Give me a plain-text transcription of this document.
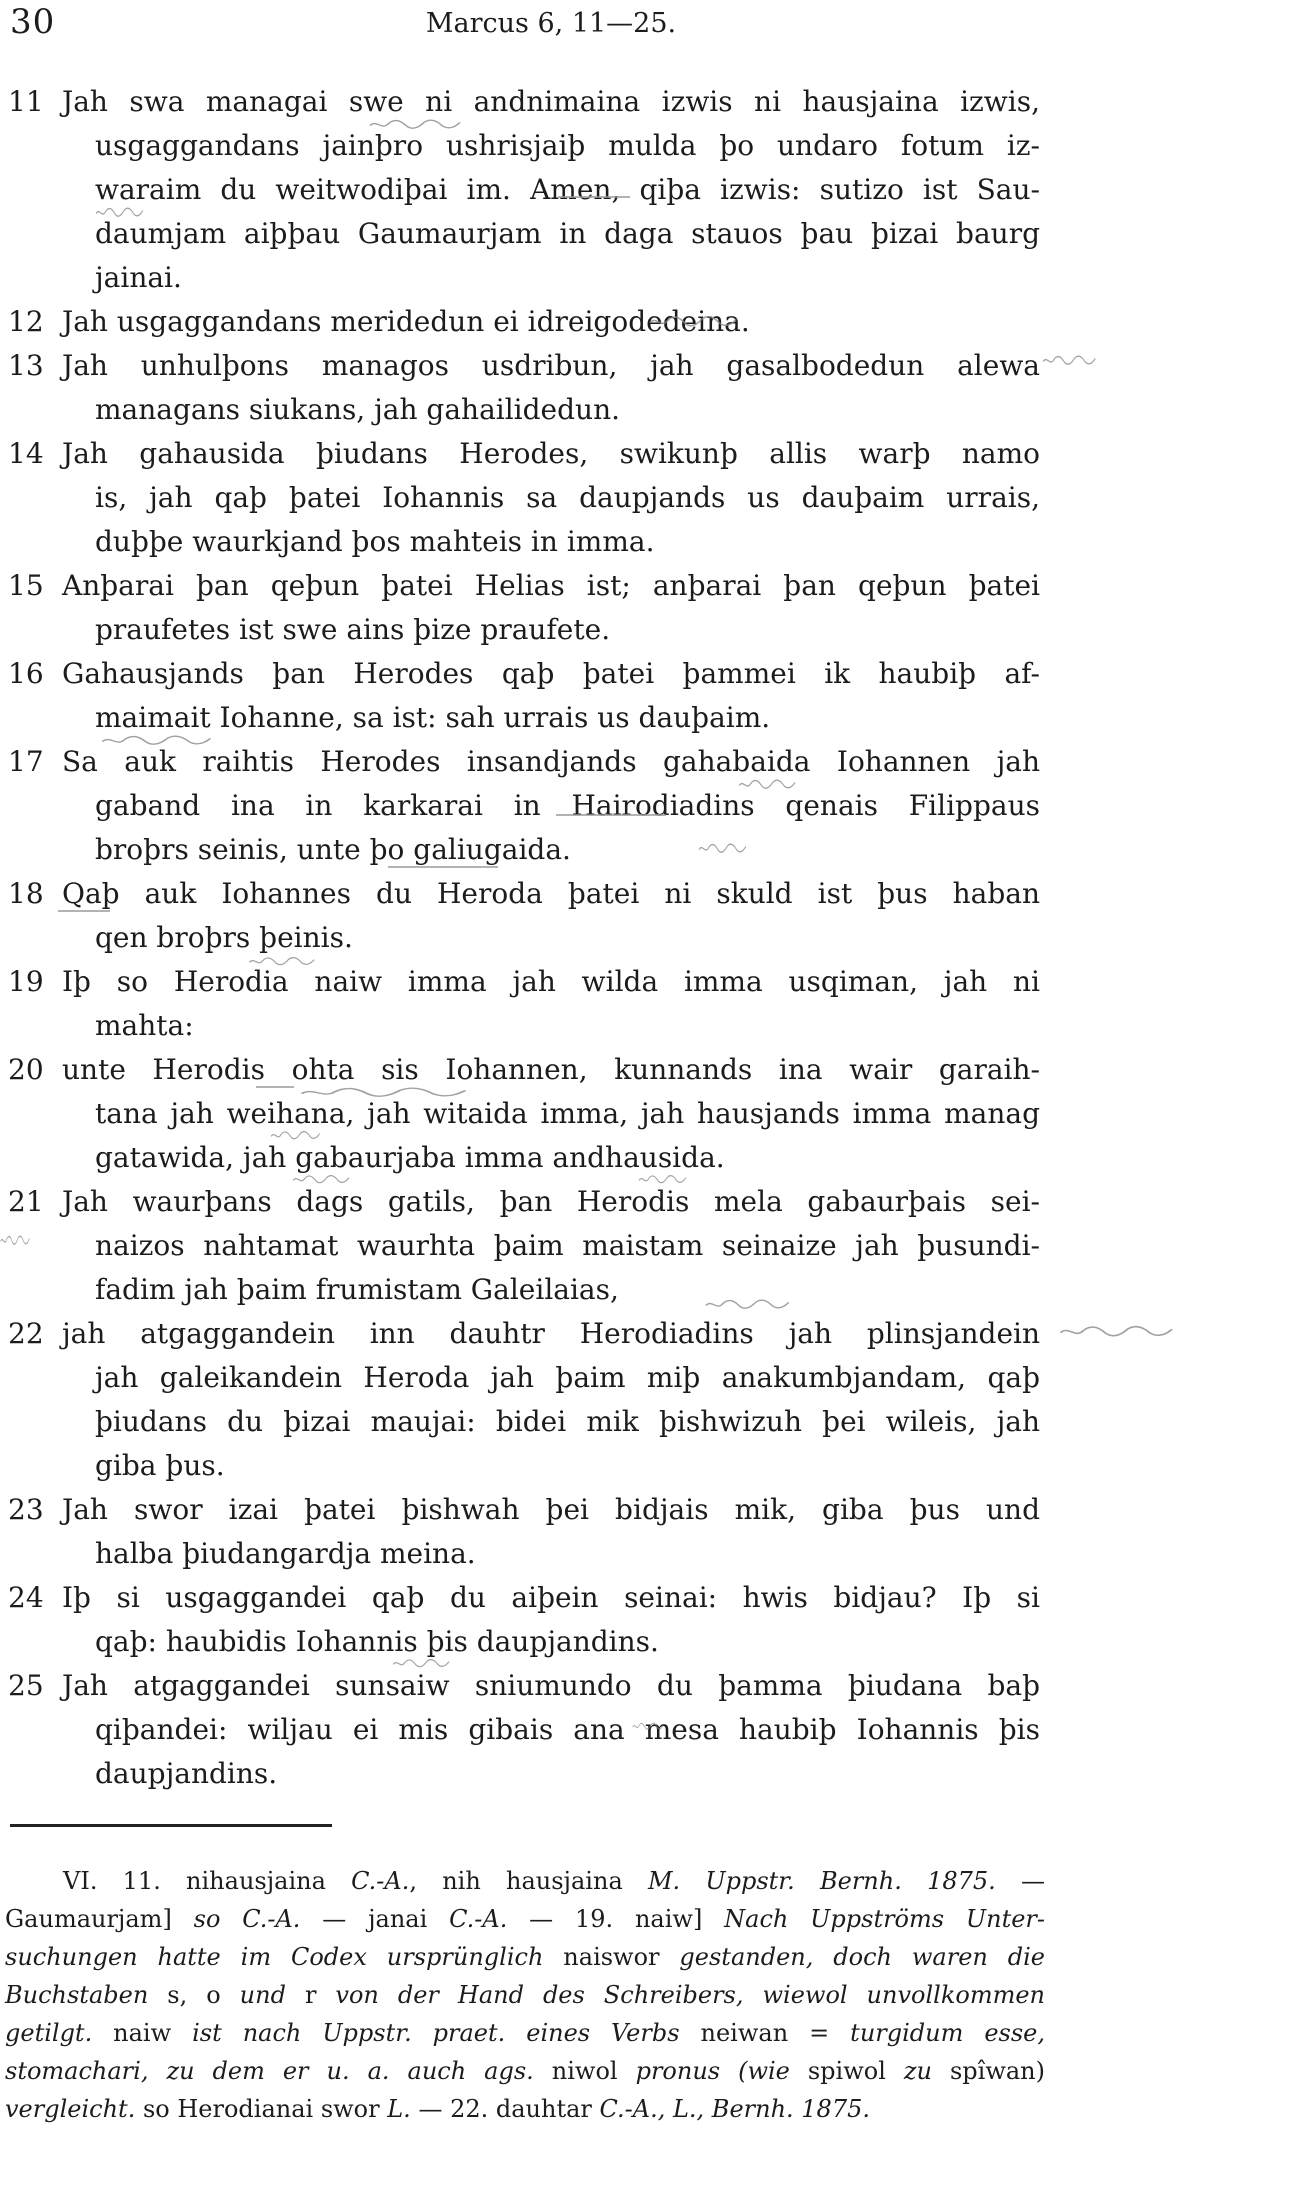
30	Marcus 6, 11—25.
11 Jah swa managai swe ni andnimaina izwis ni hausjaina izwis,
usgaggandans jainþro ushrisjaiþ mulda þo undaro fotum iz-
waraim du weitwodiþai im. Amen, qiþa izwis: sutizo ist Sau-
daumjam aiþþau Gaumaurjam in daga stauos þau þizai baurg
jainai.
12 Jah usgaggandans meridedun ei idreigodedeina.
13 Jah unhulþons managos usdribun, jah gasalbodedun alewa
managans siukans, jah gahailidedun.
14 Jah gahausida þiudans Herodes, swikunþ allis warþ namo
is, jah qaþ þatei Iohannis sa daupjands us dauþaim urrais,
duþþe waurkjand þos mahteis in imma.
15 Anþarai þan qeþun þatei Helias ist; anþarai þan qeþun þatei
praufetes ist swe ains þize praufete.
16 Gahausjands þan Herodes qaþ þatei þammei ik haubiþ af-
maimait Iohanne, sa ist: sah urrais us dauþaim.
17 Sa auk raihtis Herodes insandjands gahabaida Iohannen jah
gaband ina in karkarai in Hairodiadins qenais Filippaus
broþrs seinis, unte þo galiugaida.
18 Qaþ auk Iohannes du Heroda þatei ni skuld ist þus haban
qen broþrs þeinis.
19 Iþ so Herodia naiw imma jah wilda imma usqiman, jah ni
mahta:
20 unte Herodis ohta sis Iohannen, kunnands ina wair garaih-
tana jah weihana, jah witaida imma, jah hausjands imma manag
gatawida, jah gabaurjaba imma andhausida.
21 Jah waurþans dags gatils, þan Herodis mela gabaurþais sei-
naizos nahtamat waurhta þaim maistam seinaize jah þusundi-
fadim jah þaim frumistam Galeilaias,
22 jah atgaggandein inn dauhtr Herodiadins jah plinsjandein
jah galeikandein Heroda jah þaim miþ anakumbjandam, qaþ
þiudans du þizai maujai: bidei mik þishwizuh þei wileis, jah
giba þus.
23 Jah swor izai þatei þishwah þei bidjais mik, giba þus und
halba þiudangardja meina.
24 Iþ si usgaggandei qaþ du aiþein seinai: hwis bidjau? Iþ si
qaþ: haubidis Iohannis þis daupjandins.
25 Jah atgaggandei sunsaiw sniumundo du þamma þiudana baþ
qiþandei: wiljau ei mis gibais ana mesa haubiþ Iohannis þis
daupjandins.
VI. 11. nihausjaina C.-A., nih hausjaina M. Uppstr. Bernh. 1875. —
Gaumaurjam] so C.-A. — janai C.-A. — 19. naiw] Nach Uppströms Unter-
suchungen hatte im Codex ursprünglich naiswor gestanden, doch waren die
Buchstaben s, o und r von der Hand des Schreibers, wiewol unvollkommen
getilgt. naiw ist nach Uppstr. praet. eines Verbs neiwan = turgidum esse,
stomachari, zu dem er u. a. auch ags. niwol pronus (wie spiwol zu spîwan)
vergleicht. so Herodianai swor L. — 22. dauhtar C.-A., L., Bernh. 1875.
